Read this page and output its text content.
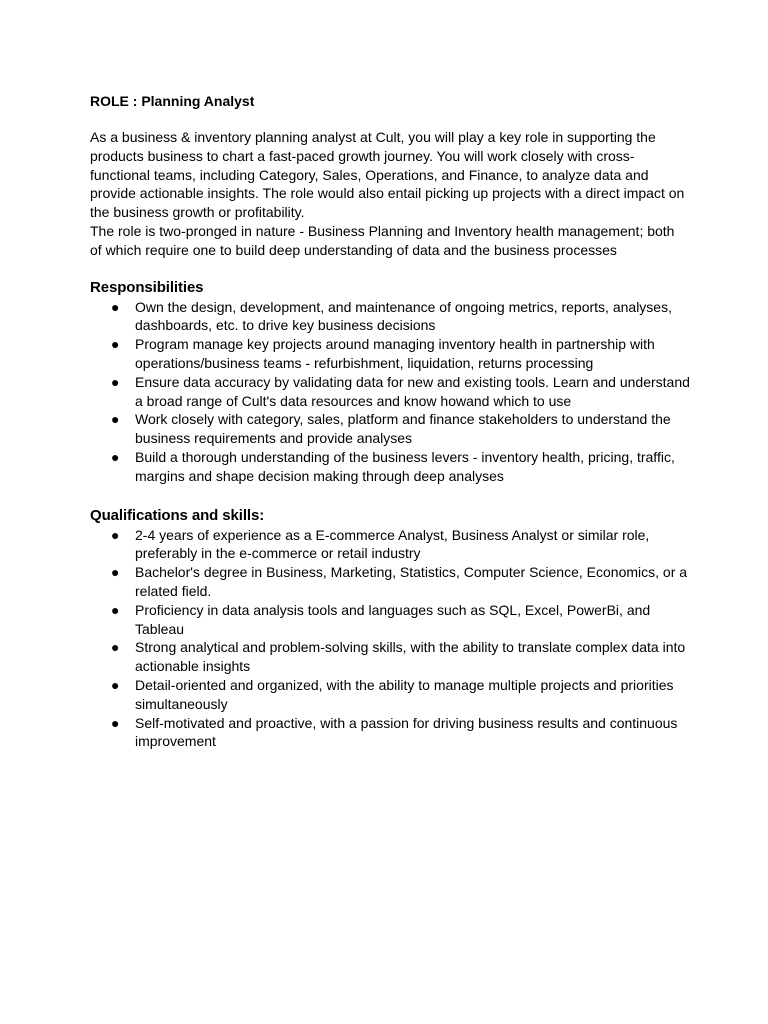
ROLE : Planning Analyst

As a business & inventory planning analyst at Cult, you will play a key role in supporting the products business to chart a fast-paced growth journey. You will work closely with cross-functional teams, including Category, Sales, Operations, and Finance, to analyze data and provide actionable insights. The role would also entail picking up projects with a direct impact on the business growth or profitability.

The role is two-pronged in nature - Business Planning and Inventory health management; both of which require one to build deep understanding of data and the business processes

Responsibilities
● Own the design, development, and maintenance of ongoing metrics, reports, analyses, dashboards, etc. to drive key business decisions
● Program manage key projects around managing inventory health in partnership with operations/business teams - refurbishment, liquidation, returns processing
● Ensure data accuracy by validating data for new and existing tools. Learn and understand a broad range of Cult's data resources and know howand which to use
● Work closely with category, sales, platform and finance stakeholders to understand the business requirements and provide analyses
● Build a thorough understanding of the business levers - inventory health, pricing, traffic, margins and shape decision making through deep analyses
Qualifications and skills:
● 2-4 years of experience as a E-commerce Analyst, Business Analyst or similar role, preferably in the e-commerce or retail industry
● Bachelor's degree in Business, Marketing, Statistics, Computer Science, Economics, or a related field.
● Proficiency in data analysis tools and languages such as SQL, Excel, PowerBi, and Tableau
● Strong analytical and problem-solving skills, with the ability to translate complex data into actionable insights
● Detail-oriented and organized, with the ability to manage multiple projects and priorities simultaneously
● Self-motivated and proactive, with a passion for driving business results and continuous improvement
